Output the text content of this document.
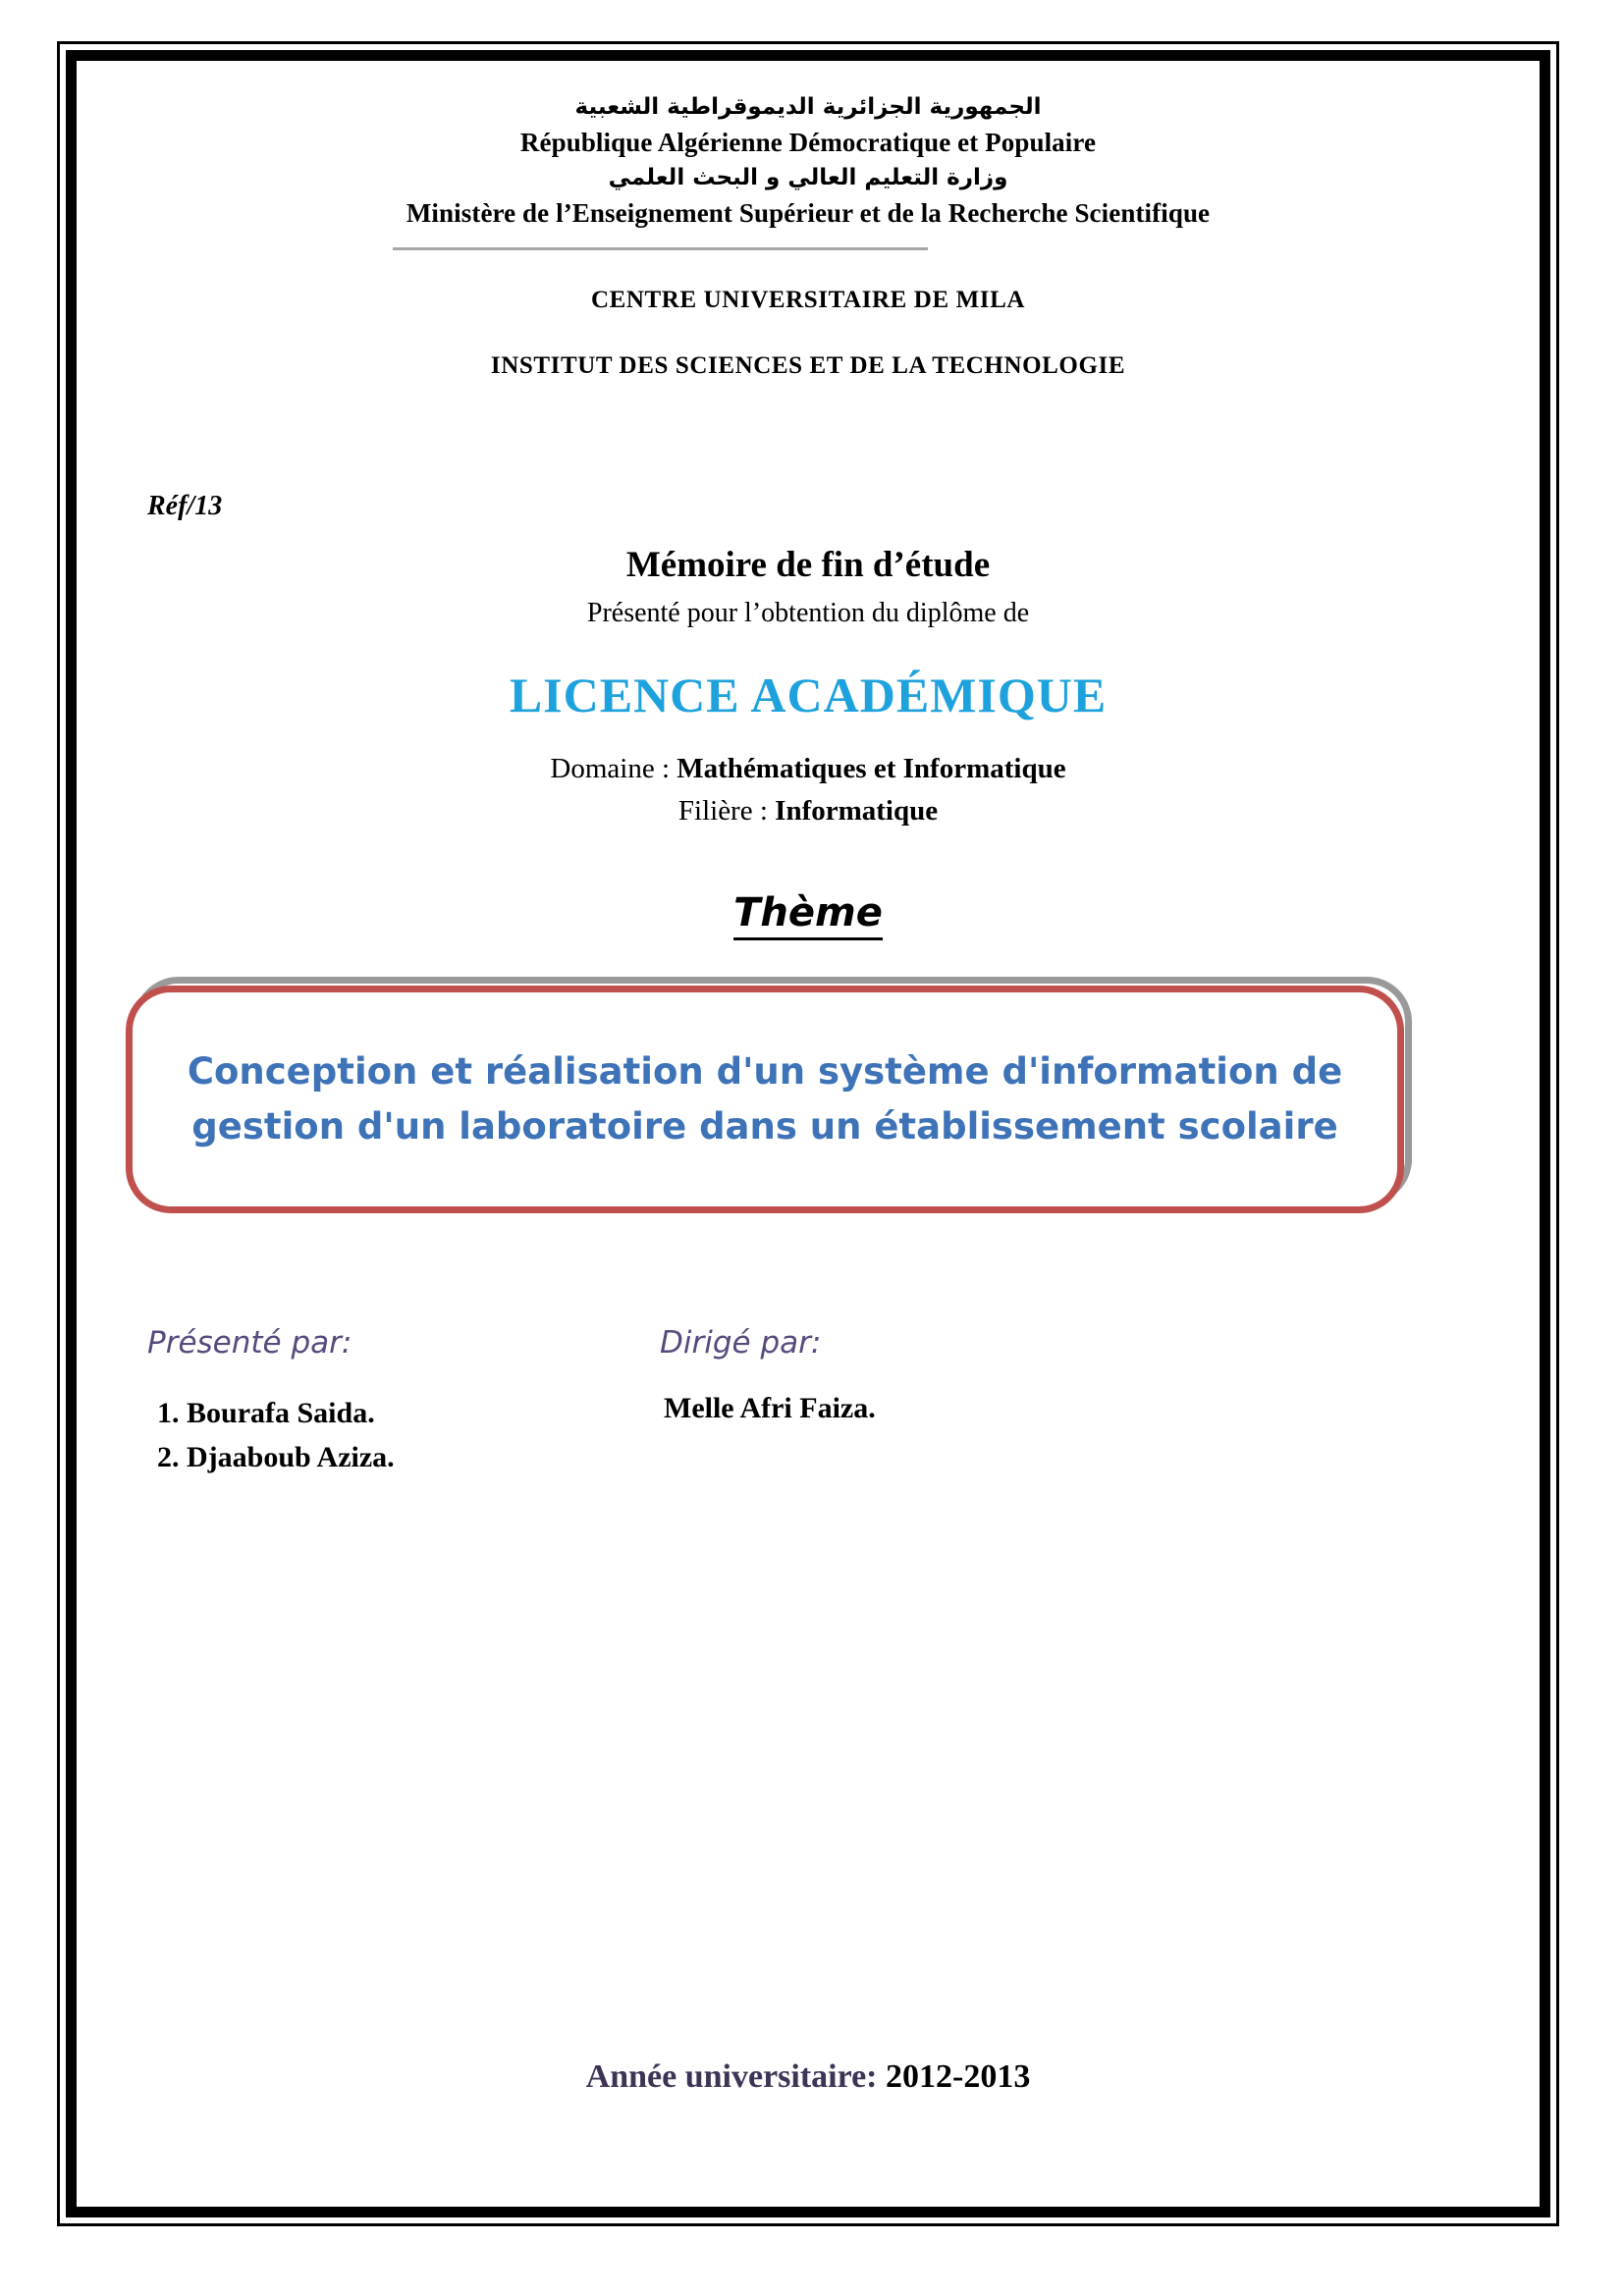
الجمهورية الجزائرية الديموقراطية الشعبية
République Algérienne Démocratique et Populaire
وزارة التعليم العالي و البحث العلمي
Ministère de l’Enseignement Supérieur et de la Recherche Scientifique
CENTRE UNIVERSITAIRE DE MILA
INSTITUT DES SCIENCES ET DE LA TECHNOLOGIE
Réf/13
Mémoire de fin d’étude
Présenté pour l’obtention du diplôme de
LICENCE ACADÉMIQUE
Domaine : Mathématiques et Informatique
Filière : Informatique
Thème
Conception et réalisation d'un système d'information de gestion d'un laboratoire dans un établissement scolaire
Présenté par:	Dirigé par:
1. Bourafa Saida.
2. Djaaboub Aziza.
Melle Afri Faiza.
Année universitaire: 2012-2013
